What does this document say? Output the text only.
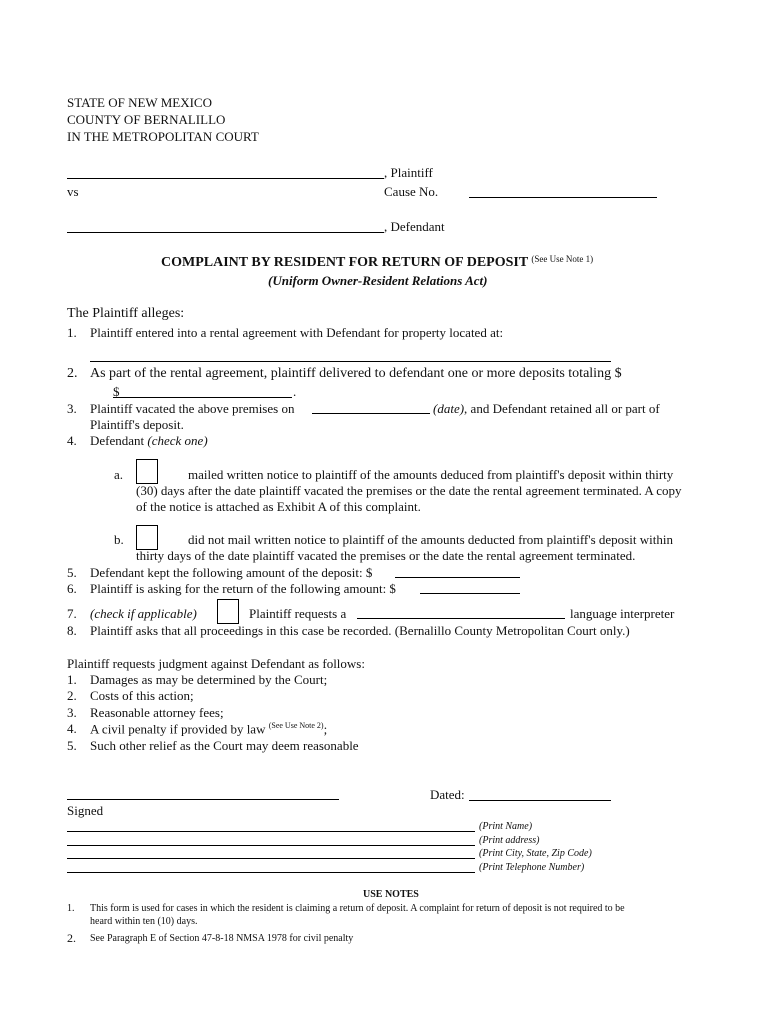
STATE OF NEW MEXICO
COUNTY OF BERNALILLO
IN THE METROPOLITAN COURT
, Plaintiff
vs	Cause No.
, Defendant
COMPLAINT BY RESIDENT FOR RETURN OF DEPOSIT $^{(See Use Note 1)}$
(Uniform Owner-Resident Relations Act)
The Plaintiff alleges:
1. Plaintiff entered into a rental agreement with Defendant for property located at:
2. As part of the rental agreement, plaintiff delivered to defendant one or more deposits totaling $
$	.
3. Plaintiff vacated the above premises on	(date), and Defendant retained all or part of
Plaintiff's deposit.
4. Defendant (check one)
a.	mailed written notice to plaintiff of the amounts deduced from plaintiff's deposit within thirty
(30) days after the date plaintiff vacated the premises or the date the rental agreement terminated. A copy
of the notice is attached as Exhibit A of this complaint.
b.	did not mail written notice to plaintiff of the amounts deducted from plaintiff's deposit within
thirty days of the date plaintiff vacated the premises or the date the rental agreement terminated.
5. Defendant kept the following amount of the deposit: $
6. Plaintiff is asking for the return of the following amount: $
7. (check if applicable)	Plaintiff requests a	language interpreter
8. Plaintiff asks that all proceedings in this case be recorded. (Bernalillo County Metropolitan Court only.)
Plaintiff requests judgment against Defendant as follows:
1. Damages as may be determined by the Court;
2. Costs of this action;
3. Reasonable attorney fees;
4. A civil penalty if provided by law $^{(See Use Note 2)}$;
5. Such other relief as the Court may deem reasonable
Dated:
Signed
(Print Name)
(Print address)
(Print City, State, Zip Code)
(Print Telephone Number)
USE NOTES
1. This form is used for cases in which the resident is claiming a return of deposit. A complaint for return of deposit is not required to be
heard within ten (10) days.
2. See Paragraph E of Section 47-8-18 NMSA 1978 for civil penalty
